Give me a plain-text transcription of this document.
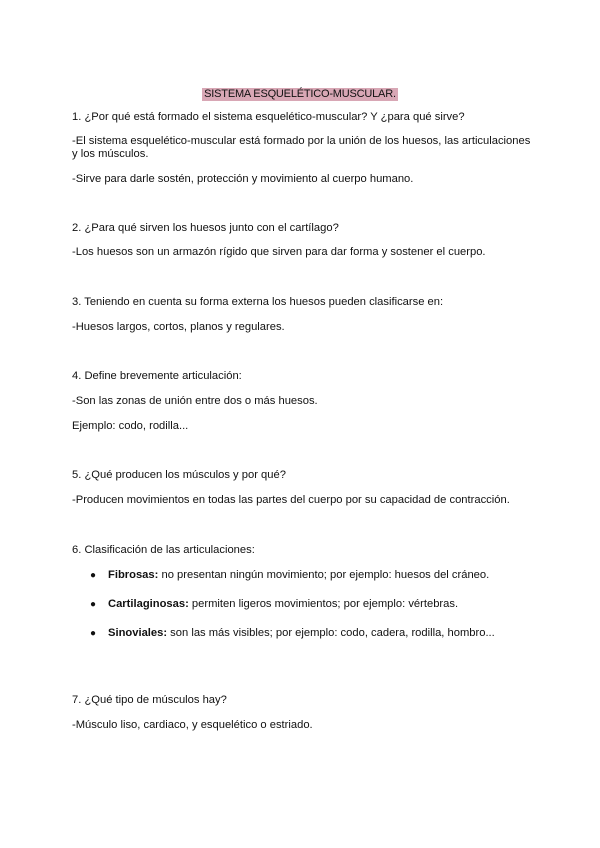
SISTEMA ESQUELÉTICO-MUSCULAR.

1. ¿Por qué está formado el sistema esquelético-muscular? Y ¿para qué sirve?

-El sistema esquelético-muscular está formado por la unión de los huesos, las articulaciones y los músculos.

-Sirve para darle sostén, protección y movimiento al cuerpo humano.

2. ¿Para qué sirven los huesos junto con el cartílago?

-Los huesos son un armazón rígido que sirven para dar forma y sostener el cuerpo.

3. Teniendo en cuenta su forma externa los huesos pueden clasificarse en:

-Huesos largos, cortos, planos y regulares.

4. Define brevemente articulación:

-Son las zonas de unión entre dos o más huesos.

Ejemplo: codo, rodilla...

5. ¿Qué producen los músculos y por qué?

-Producen movimientos en todas las partes del cuerpo por su capacidad de contracción.

6. Clasificación de las articulaciones:

●	Fibrosas: no presentan ningún movimiento; por ejemplo: huesos del cráneo.
●	Cartilaginosas: permiten ligeros movimientos; por ejemplo: vértebras.
●	Sinoviales: son las más visibles; por ejemplo: codo, cadera, rodilla, hombro...

7. ¿Qué tipo de músculos hay?

-Músculo liso, cardiaco, y esquelético o estriado.
